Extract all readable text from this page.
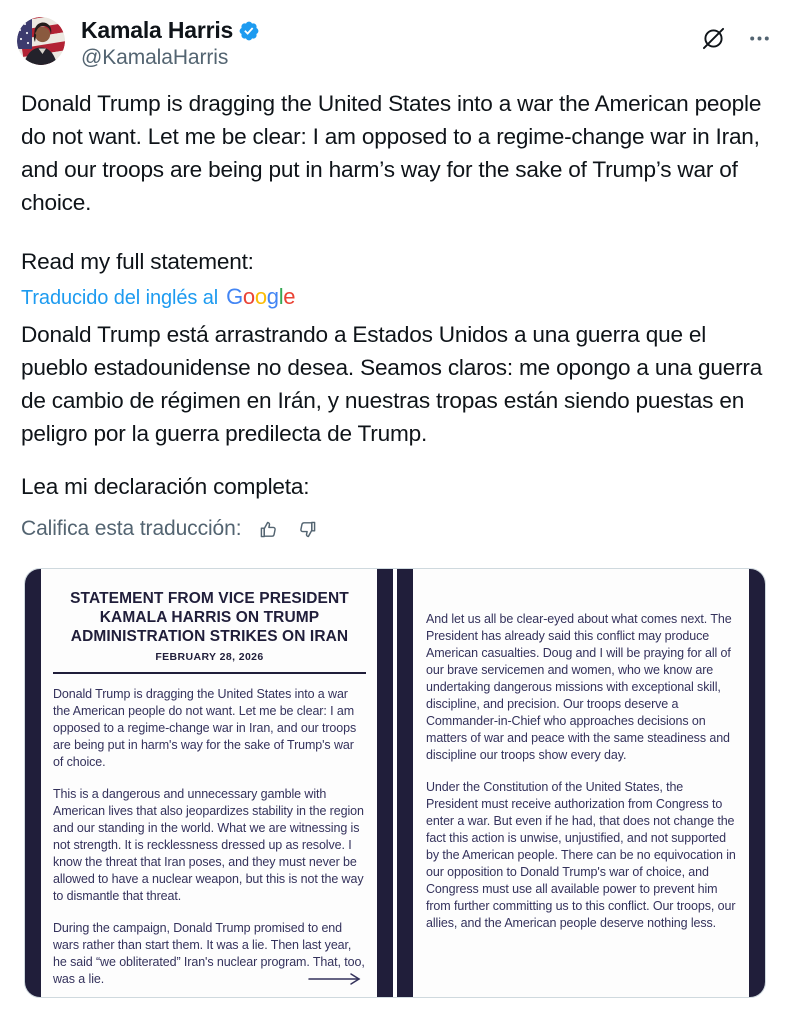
Kamala Harris
@KamalaHarris
Donald Trump is dragging the United States into a war the American people do not want. Let me be clear: I am opposed to a regime-change war in Iran, and our troops are being put in harm’s way for the sake of Trump’s war of choice.
Read my full statement:
Traducido del inglés al Google
Donald Trump está arrastrando a Estados Unidos a una guerra que el pueblo estadounidense no desea. Seamos claros: me opongo a una guerra de cambio de régimen en Irán, y nuestras tropas están siendo puestas en peligro por la guerra predilecta de Trump.
Lea mi declaración completa:
Califica esta traducción:
STATEMENT FROM VICE PRESIDENT KAMALA HARRIS ON TRUMP ADMINISTRATION STRIKES ON IRAN
FEBRUARY 28, 2026

Donald Trump is dragging the United States into a war the American people do not want. Let me be clear: I am opposed to a regime-change war in Iran, and our troops are being put in harm's way for the sake of Trump's war of choice.

This is a dangerous and unnecessary gamble with American lives that also jeopardizes stability in the region and our standing in the world. What we are witnessing is not strength. It is recklessness dressed up as resolve. I know the threat that Iran poses, and they must never be allowed to have a nuclear weapon, but this is not the way to dismantle that threat.

During the campaign, Donald Trump promised to end wars rather than start them. It was a lie. Then last year, he said “we obliterated” Iran's nuclear program. That, too, was a lie.

And let us all be clear-eyed about what comes next. The President has already said this conflict may produce American casualties. Doug and I will be praying for all of our brave servicemen and women, who we know are undertaking dangerous missions with exceptional skill, discipline, and precision. Our troops deserve a Commander-in-Chief who approaches decisions on matters of war and peace with the same steadiness and discipline our troops show every day.

Under the Constitution of the United States, the President must receive authorization from Congress to enter a war. But even if he had, that does not change the fact this action is unwise, unjustified, and not supported by the American people. There can be no equivocation in our opposition to Donald Trump's war of choice, and Congress must use all available power to prevent him from further committing us to this conflict. Our troops, our allies, and the American people deserve nothing less.
